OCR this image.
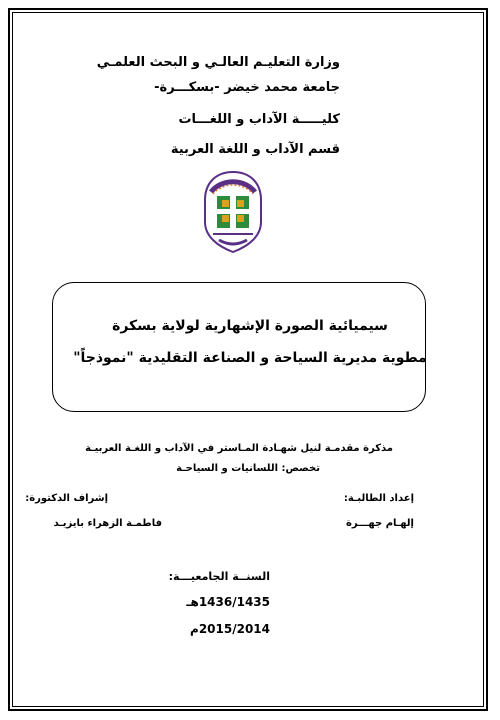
وزارة التعليـم العالـي و البحث العلمـي
جامعة محمد خيضر -بسكـــرة-
كليـــــة الآداب و اللغـــات
قسم الآداب و اللغة العربية
سيميائية الصورة الإشهارية لولاية بسكرة
مطوية مديرية السياحة و الصناعة التقليدية "نموذجاً"
مذكرة مقدمـة لنيل شهـادة المـاستر في الآداب و اللغـة العربيـة
تخصص: اللسانيات و السياحـة
إعداد الطالبـة:
إشراف الدكتورة:
إلهـام جهـــرة
فاطمـة الزهراء بايزيـد
السنــة الجامعيـــة:
1436/1435هـ
2015/2014م
